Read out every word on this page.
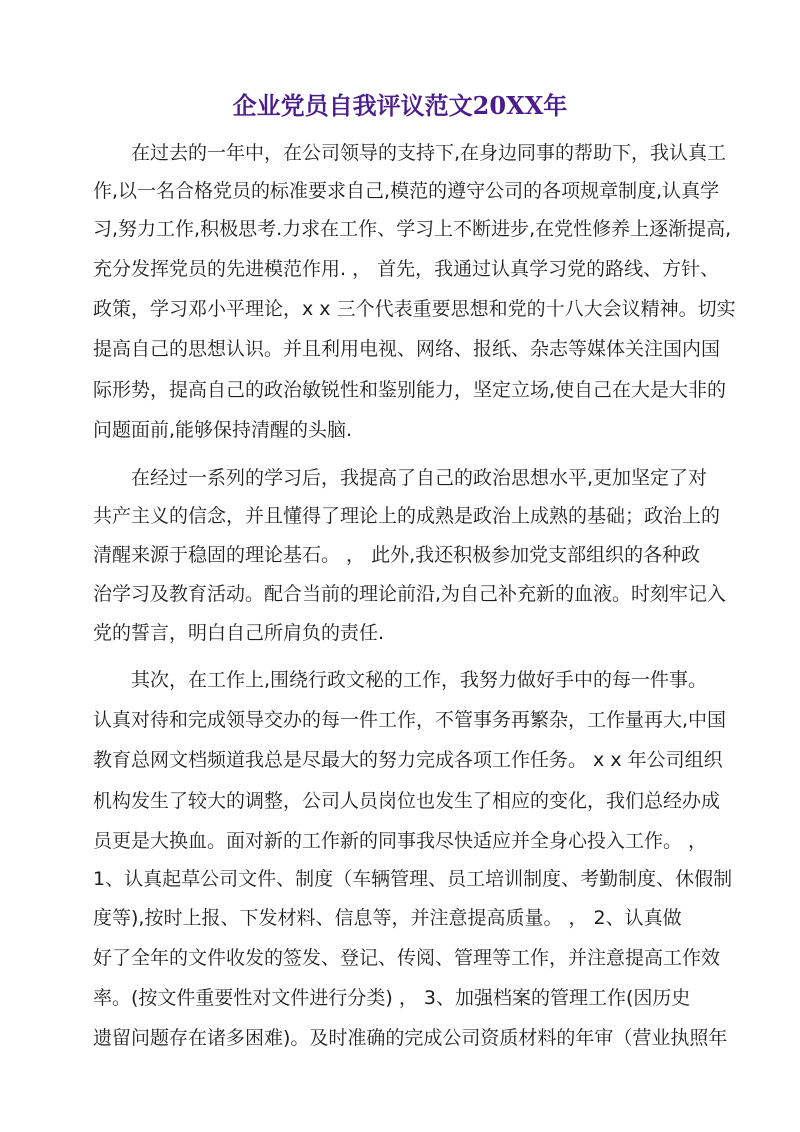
企业党员自我评议范文20XX年
　　在过去的一年中，在公司领导的支持下,在身边同事的帮助下，我认真工
作,以一名合格党员的标准要求自己,模范的遵守公司的各项规章制度,认真学
习,努力工作,积极思考.力求在工作、学习上不断进步,在党性修养上逐渐提高,
充分发挥党员的先进模范作用. ， 首先，我通过认真学习党的路线、方针、
政策，学习邓小平理论，x x 三个代表重要思想和党的十八大会议精神。切实
提高自己的思想认识。并且利用电视、网络、报纸、杂志等媒体关注国内国
际形势，提高自己的政治敏锐性和鉴别能力，坚定立场,使自己在大是大非的
问题面前,能够保持清醒的头脑.
　　在经过一系列的学习后，我提高了自己的政治思想水平,更加坚定了对
共产主义的信念，并且懂得了理论上的成熟是政治上成熟的基础；政治上的
清醒来源于稳固的理论基石。 ， 此外,我还积极参加党支部组织的各种政
治学习及教育活动。配合当前的理论前沿,为自己补充新的血液。时刻牢记入
党的誓言，明白自己所肩负的责任.
　　其次，在工作上,围绕行政文秘的工作，我努力做好手中的每一件事。
认真对待和完成领导交办的每一件工作，不管事务再繁杂，工作量再大,中国
教育总网文档频道我总是尽最大的努力完成各项工作任务。 x x 年公司组织
机构发生了较大的调整，公司人员岗位也发生了相应的变化，我们总经办成
员更是大换血。面对新的工作新的同事我尽快适应并全身心投入工作。 ，
1、认真起草公司文件、制度（车辆管理、员工培训制度、考勤制度、休假制
度等),按时上报、下发材料、信息等，并注意提高质量。 ， 2、认真做
好了全年的文件收发的签发、登记、传阅、管理等工作，并注意提高工作效
率。(按文件重要性对文件进行分类) ， 3、加强档案的管理工作(因历史
遗留问题存在诸多困难)。及时准确的完成公司资质材料的年审（营业执照年
